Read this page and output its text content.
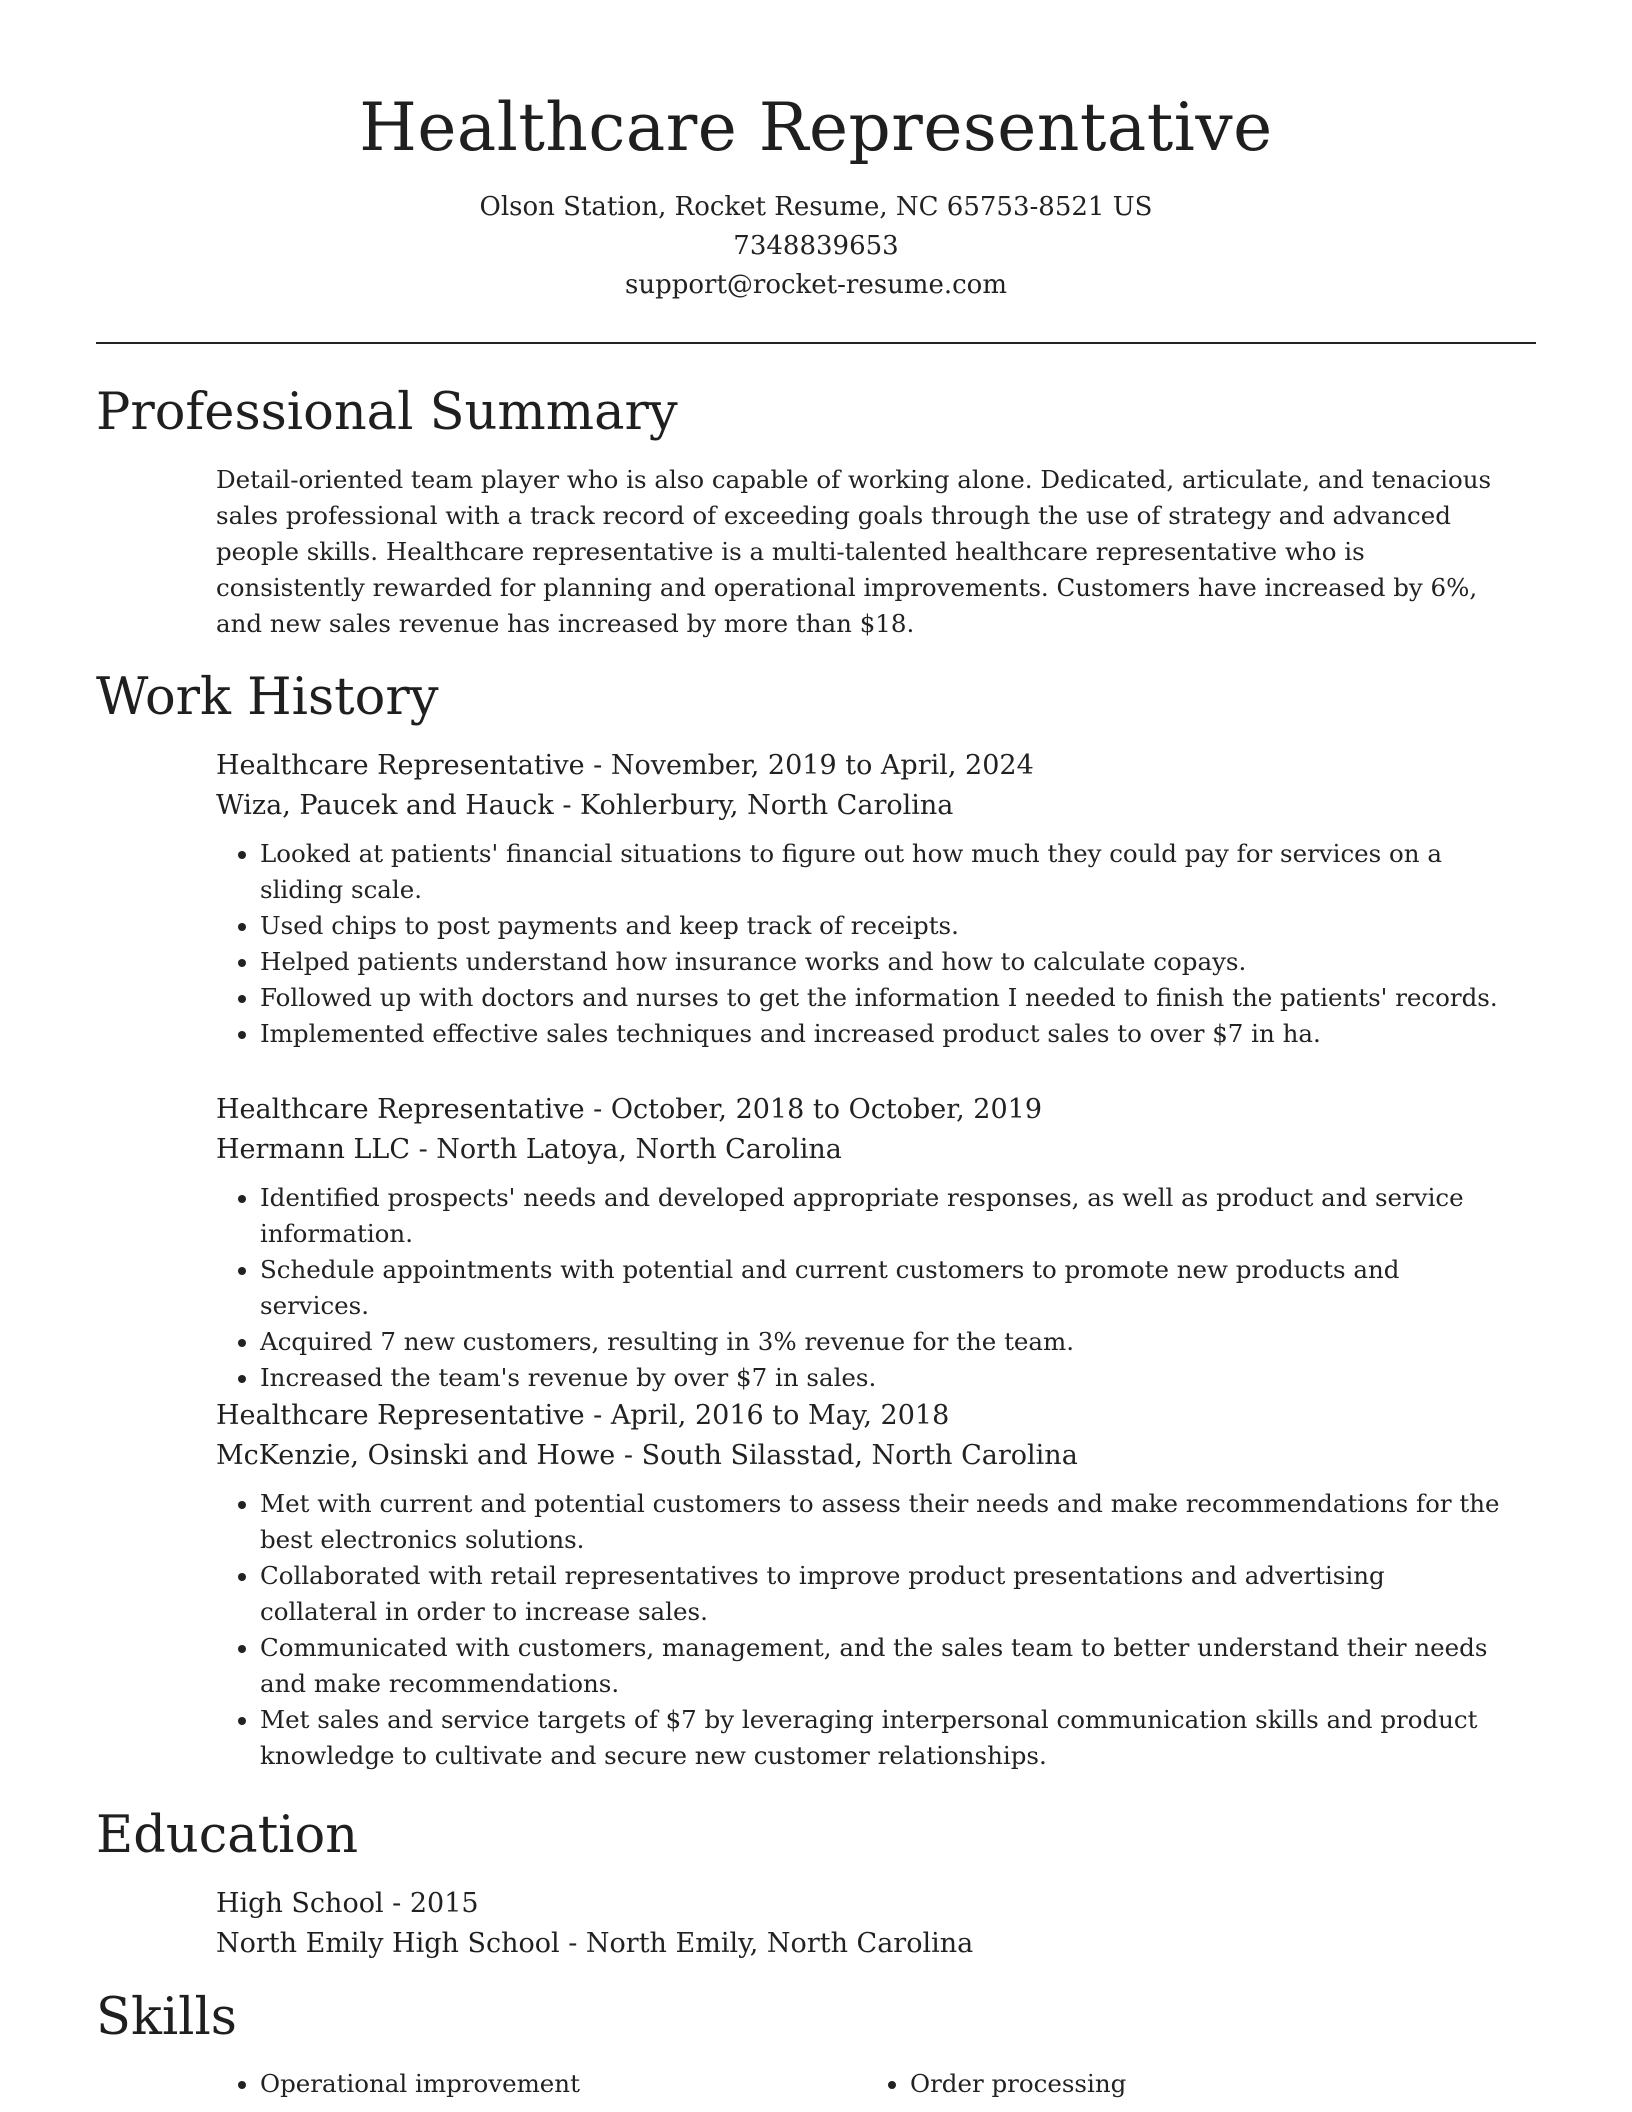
Healthcare Representative
Olson Station, Rocket Resume, NC 65753-8521 US
7348839653
support@rocket-resume.com
Professional Summary

Detail-oriented team player who is also capable of working alone. Dedicated, articulate, and tenacious sales professional with a track record of exceeding goals through the use of strategy and advanced people skills. Healthcare representative is a multi-talented healthcare representative who is consistently rewarded for planning and operational improvements. Customers have increased by 6%, and new sales revenue has increased by more than $18.

Work History
Healthcare Representative - November, 2019 to April, 2024
Wiza, Paucek and Hauck - Kohlerbury, North Carolina
• Looked at patients' financial situations to figure out how much they could pay for services on a sliding scale.
• Used chips to post payments and keep track of receipts.
• Helped patients understand how insurance works and how to calculate copays.
• Followed up with doctors and nurses to get the information I needed to finish the patients' records.
• Implemented effective sales techniques and increased product sales to over $7 in ha.
Healthcare Representative - October, 2018 to October, 2019
Hermann LLC - North Latoya, North Carolina
• Identified prospects' needs and developed appropriate responses, as well as product and service information.
• Schedule appointments with potential and current customers to promote new products and services.
• Acquired 7 new customers, resulting in 3% revenue for the team.
• Increased the team's revenue by over $7 in sales.
Healthcare Representative - April, 2016 to May, 2018
McKenzie, Osinski and Howe - South Silasstad, North Carolina
• Met with current and potential customers to assess their needs and make recommendations for the best electronics solutions.
• Collaborated with retail representatives to improve product presentations and advertising collateral in order to increase sales.
• Communicated with customers, management, and the sales team to better understand their needs and make recommendations.
• Met sales and service targets of $7 by leveraging interpersonal communication skills and product knowledge to cultivate and secure new customer relationships.
Education
High School - 2015
North Emily High School - North Emily, North Carolina
Skills
• Operational improvement
•	Order processing
